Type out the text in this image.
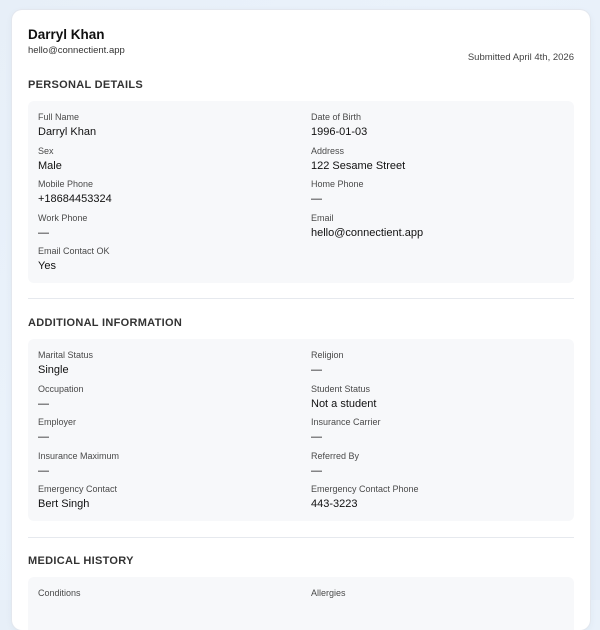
Darryl Khan
hello@connectient.app
Submitted April 4th, 2026
PERSONAL DETAILS
Full Name
Darryl Khan
Date of Birth
1996-01-03
Sex
Male
Address
122 Sesame Street
Mobile Phone
+18684453324
Home Phone
—
Work Phone
—
Email
hello@connectient.app
Email Contact OK
Yes
ADDITIONAL INFORMATION
Marital Status
Single
Religion
—
Occupation
—
Student Status
Not a student
Employer
—
Insurance Carrier
—
Insurance Maximum
—
Referred By
—
Emergency Contact
Bert Singh
Emergency Contact Phone
443-3223
MEDICAL HISTORY
Conditions	Allergies
